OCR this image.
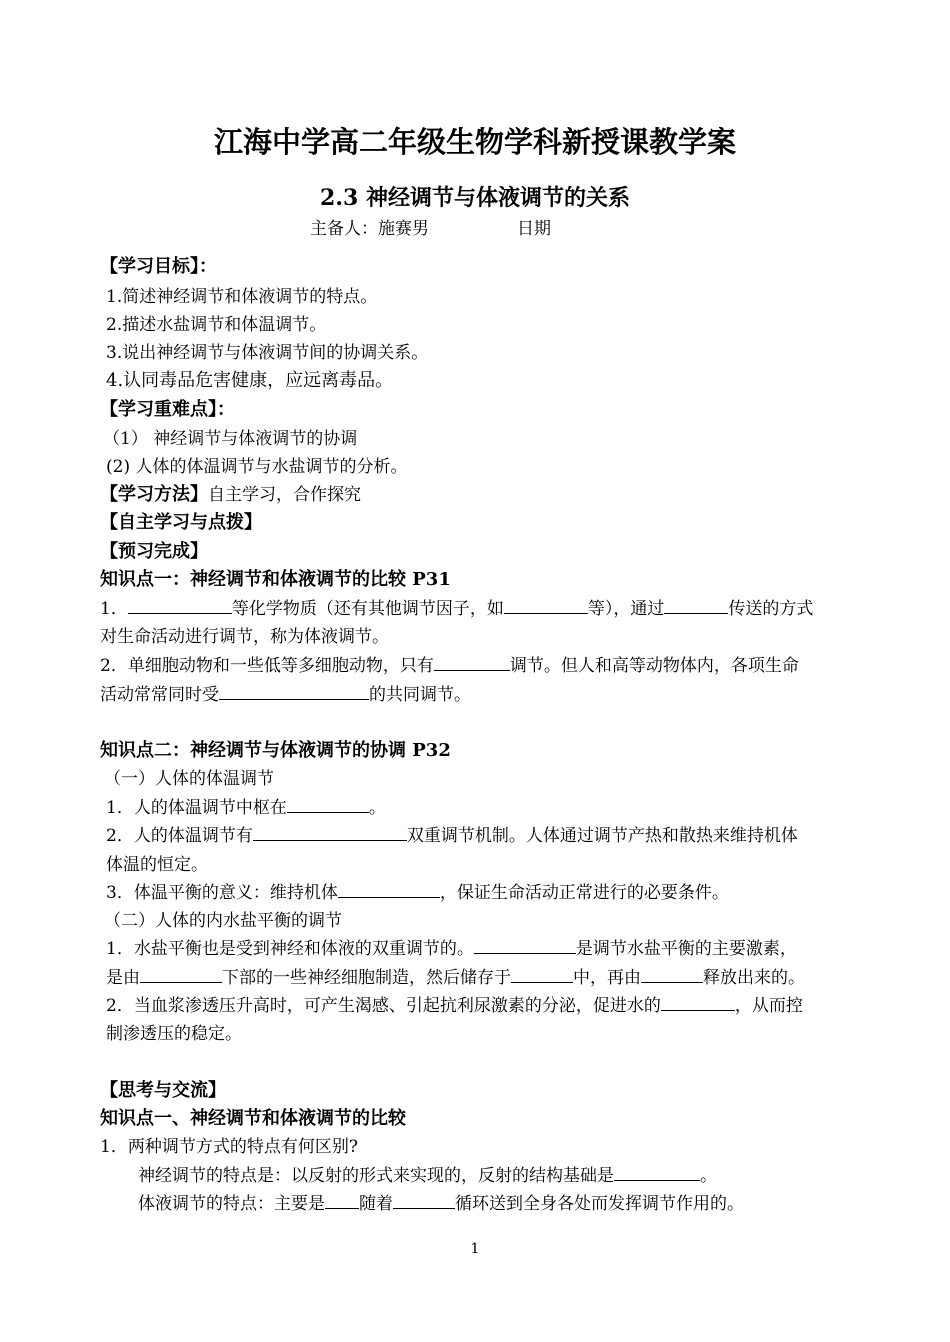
江海中学高二年级生物学科新授课教学案
2.3 神经调节与体液调节的关系
主备人：施赛男	日期
【学习目标】：
1.简述神经调节和体液调节的特点。
2.描述水盐调节和体温调节。
3.说出神经调节与体液调节间的协调关系。
4.认同毒品危害健康，应远离毒品。
【学习重难点】：
（1） 神经调节与体液调节的协调
(2) 人体的体温调节与水盐调节的分析。
【学习方法】自主学习，合作探究
【自主学习与点拨】
【预习完成】
知识点一：神经调节和体液调节的比较 P31
1．	等化学物质（还有其他调节因子，如	等），通过	传送的方式
对生命活动进行调节，称为体液调节。
2．单细胞动物和一些低等多细胞动物，只有	调节。但人和高等动物体内，各项生命
活动常常同时受	的共同调节。
知识点二：神经调节与体液调节的协调 P32
（一）人体的体温调节
1．人的体温调节中枢在	。
2．人的体温调节有	双重调节机制。人体通过调节产热和散热来维持机体
体温的恒定。
3．体温平衡的意义：维持机体	，保证生命活动正常进行的必要条件。
（二）人体的内水盐平衡的调节
1．水盐平衡也是受到神经和体液的双重调节的。	是调节水盐平衡的主要激素，
是由	下部的一些神经细胞制造，然后储存于	中，再由	释放出来的。
2．当血浆渗透压升高时，可产生渴感、引起抗利尿激素的分泌，促进水的	，从而控
制渗透压的稳定。
【思考与交流】
知识点一、神经调节和体液调节的比较
1．两种调节方式的特点有何区别?
神经调节的特点是：以反射的形式来实现的，反射的结构基础是	。
体液调节的特点：主要是 随着	循环送到全身各处而发挥调节作用的。
1
